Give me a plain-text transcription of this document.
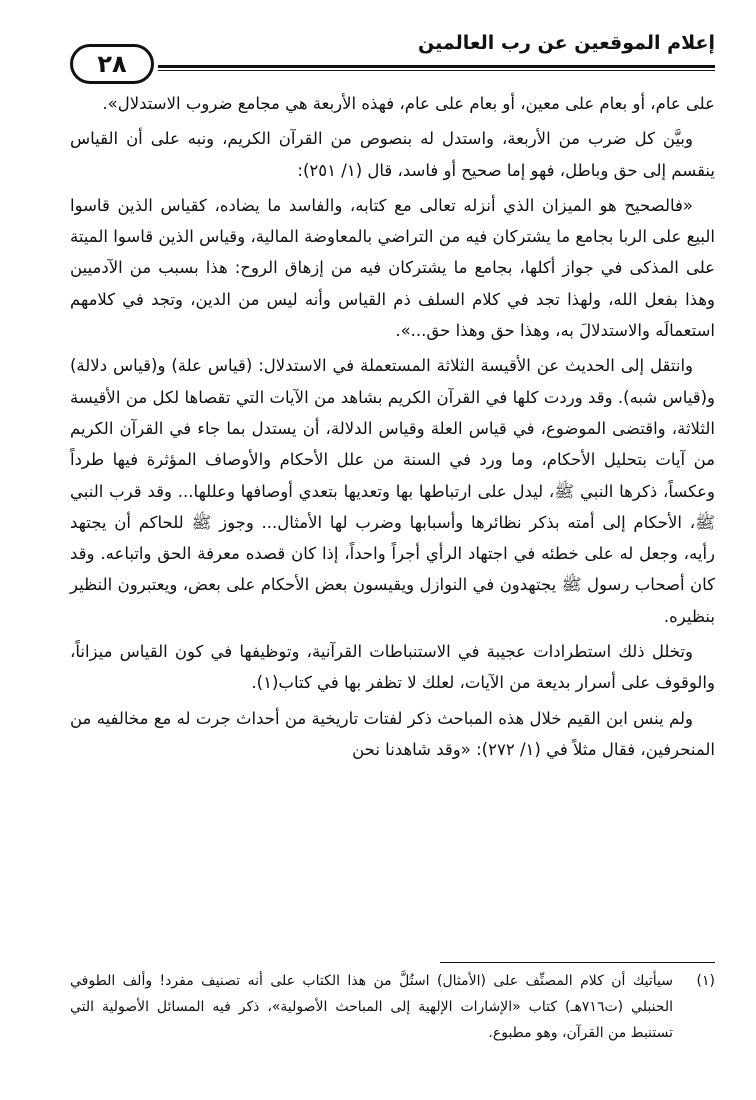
إعلام الموقعين عن رب العالمين
٢٨

على عام، أو بعام على معين، أو بعام على عام، فهذه الأربعة هي مجامع ضروب الاستدلال».

وبيَّن كل ضرب من الأربعة، واستدل له بنصوص من القرآن الكريم، ونبه على أن القياس ينقسم إلى حق وباطل، فهو إما صحيح أو فاسد، قال (١/ ٢٥١):

«فالصحيح هو الميزان الذي أنزله تعالى مع كتابه، والفاسد ما يضاده، كقياس الذين قاسوا البيع على الربا بجامع ما يشتركان فيه من التراضي بالمعاوضة المالية، وقياس الذين قاسوا الميتة على المذكى في جواز أكلها، بجامع ما يشتركان فيه من إزهاق الروح: هذا بسبب من الآدميين وهذا بفعل الله، ولهذا تجد في كلام السلف ذم القياس وأنه ليس من الدين، وتجد في كلامهم استعمالَه والاستدلالَ به، وهذا حق وهذا حق...».

وانتقل إلى الحديث عن الأقيسة الثلاثة المستعملة في الاستدلال: (قياس علة) و(قياس دلالة) و(قياس شبه). وقد وردت كلها في القرآن الكريم بشاهد من الآيات التي تقصاها لكل من الأقيسة الثلاثة، واقتضى الموضوع، في قياس العلة وقياس الدلالة، أن يستدل بما جاء في القرآن الكريم من آيات بتحليل الأحكام، وما ورد في السنة من علل الأحكام والأوصاف المؤثرة فيها طرداً وعكساً، ذكرها النبي ﷺ، ليدل على ارتباطها بها وتعديها بتعدي أوصافها وعللها... وقد قرب النبي ﷺ، الأحكام إلى أمته بذكر نظائرها وأسبابها وضرب لها الأمثال... وجوز ﷺ للحاكم أن يجتهد رأيه، وجعل له على خطئه في اجتهاد الرأي أجراً واحداً، إذا كان قصده معرفة الحق واتباعه. وقد كان أصحاب رسول ﷺ يجتهدون في النوازل ويقيسون بعض الأحكام على بعض، ويعتبرون النظير بنظيره.

وتخلل ذلك استطرادات عجيبة في الاستنباطات القرآنية، وتوظيفها في كون القياس ميزاناً، والوقوف على أسرار بديعة من الآيات، لعلك لا تظفر بها في كتاب(١).

ولم ينس ابن القيم خلال هذه المباحث ذكر لفتات تاريخية من أحداث جرت له مع مخالفيه من المنحرفين، فقال مثلاً في (١/ ٢٧٢): «وقد شاهدنا نحن

(١)
سيأتيك أن كلام المصنِّف على (الأمثال) استُلَّ من هذا الكتاب على أنه تصنيف مفرد! وألف الطوفي الحنبلي (ت٧١٦هـ) كتاب «الإشارات الإلهية إلى المباحث الأصولية»، ذكر فيه المسائل الأصولية التي تستنبط من القرآن، وهو مطبوع.
